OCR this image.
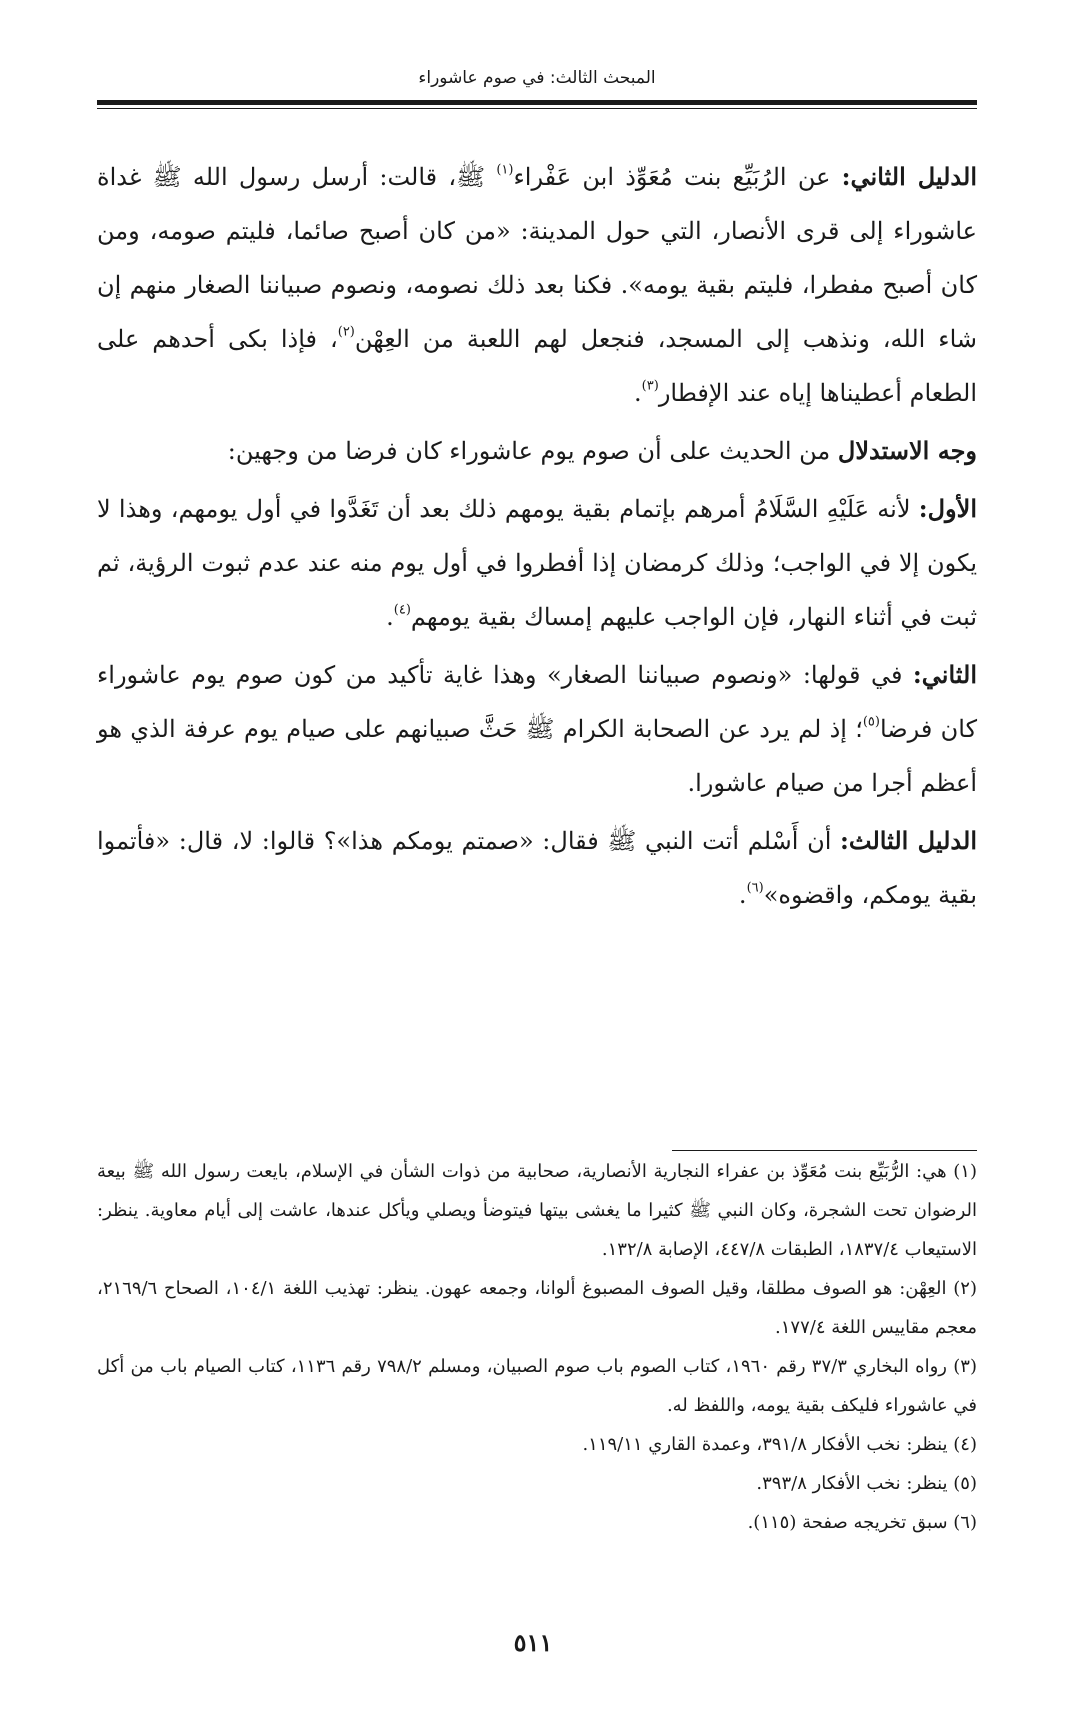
المبحث الثالث: في صوم عاشوراء

الدليل الثاني: عن الرُبَيِّع بنت مُعَوِّذ ابن عَفْراء$^{(١)}$ ﷺ، قالت: أرسل رسول الله ﷺ غداة عاشوراء إلى قرى الأنصار، التي حول المدينة: «من كان أصبح صائما، فليتم صومه، ومن كان أصبح مفطرا، فليتم بقية يومه». فكنا بعد ذلك نصومه، ونصوم صبياننا الصغار منهم إن شاء الله، ونذهب إلى المسجد، فنجعل لهم اللعبة من العِهْن$^{(٢)}$، فإذا بكى أحدهم على الطعام أعطيناها إياه عند الإفطار$^{(٣)}$.

وجه الاستدلال من الحديث على أن صوم يوم عاشوراء كان فرضا من وجهين:

الأول: لأنه عَلَيْهِ السَّلَامُ أمرهم بإتمام بقية يومهم ذلك بعد أن تَغَدَّوا في أول يومهم، وهذا لا يكون إلا في الواجب؛ وذلك كرمضان إذا أفطروا في أول يوم منه عند عدم ثبوت الرؤية، ثم ثبت في أثناء النهار، فإن الواجب عليهم إمساك بقية يومهم$^{(٤)}$.

الثاني: في قولها: «ونصوم صبياننا الصغار» وهذا غاية تأكيد من كون صوم يوم عاشوراء كان فرضا$^{(٥)}$؛ إذ لم يرد عن الصحابة الكرام ﷺ حَثَّ صبيانهم على صيام يوم عرفة الذي هو أعظم أجرا من صيام عاشورا.

الدليل الثالث: أن أَسْلم أتت النبي ﷺ فقال: «صمتم يومكم هذا»؟ قالوا: لا، قال: «فأتموا بقية يومكم، واقضوه»$^{(٦)}$.

(١) هي: الرُّبَيِّع بنت مُعَوِّذ بن عفراء النجارية الأنصارية، صحابية من ذوات الشأن في الإسلام، بايعت رسول الله ﷺ بيعة الرضوان تحت الشجرة، وكان النبي ﷺ كثيرا ما يغشى بيتها فيتوضأ ويصلي ويأكل عندها، عاشت إلى أيام معاوية. ينظر: الاستيعاب ١٨٣٧/٤، الطبقات ٤٤٧/٨، الإصابة ١٣٢/٨.

(٢) العِهْن: هو الصوف مطلقا، وقيل الصوف المصبوغ ألوانا، وجمعه عهون. ينظر: تهذيب اللغة ١٠٤/١، الصحاح ٢١٦٩/٦، معجم مقاييس اللغة ١٧٧/٤.

(٣) رواه البخاري ٣٧/٣ رقم ١٩٦٠، كتاب الصوم باب صوم الصبيان، ومسلم ٧٩٨/٢ رقم ١١٣٦، كتاب الصيام باب من أكل في عاشوراء فليكف بقية يومه، واللفظ له.

(٤) ينظر: نخب الأفكار ٣٩١/٨، وعمدة القاري ١١٩/١١.

(٥) ينظر: نخب الأفكار ٣٩٣/٨.

(٦) سبق تخريجه صفحة (١١٥).

٥١١
